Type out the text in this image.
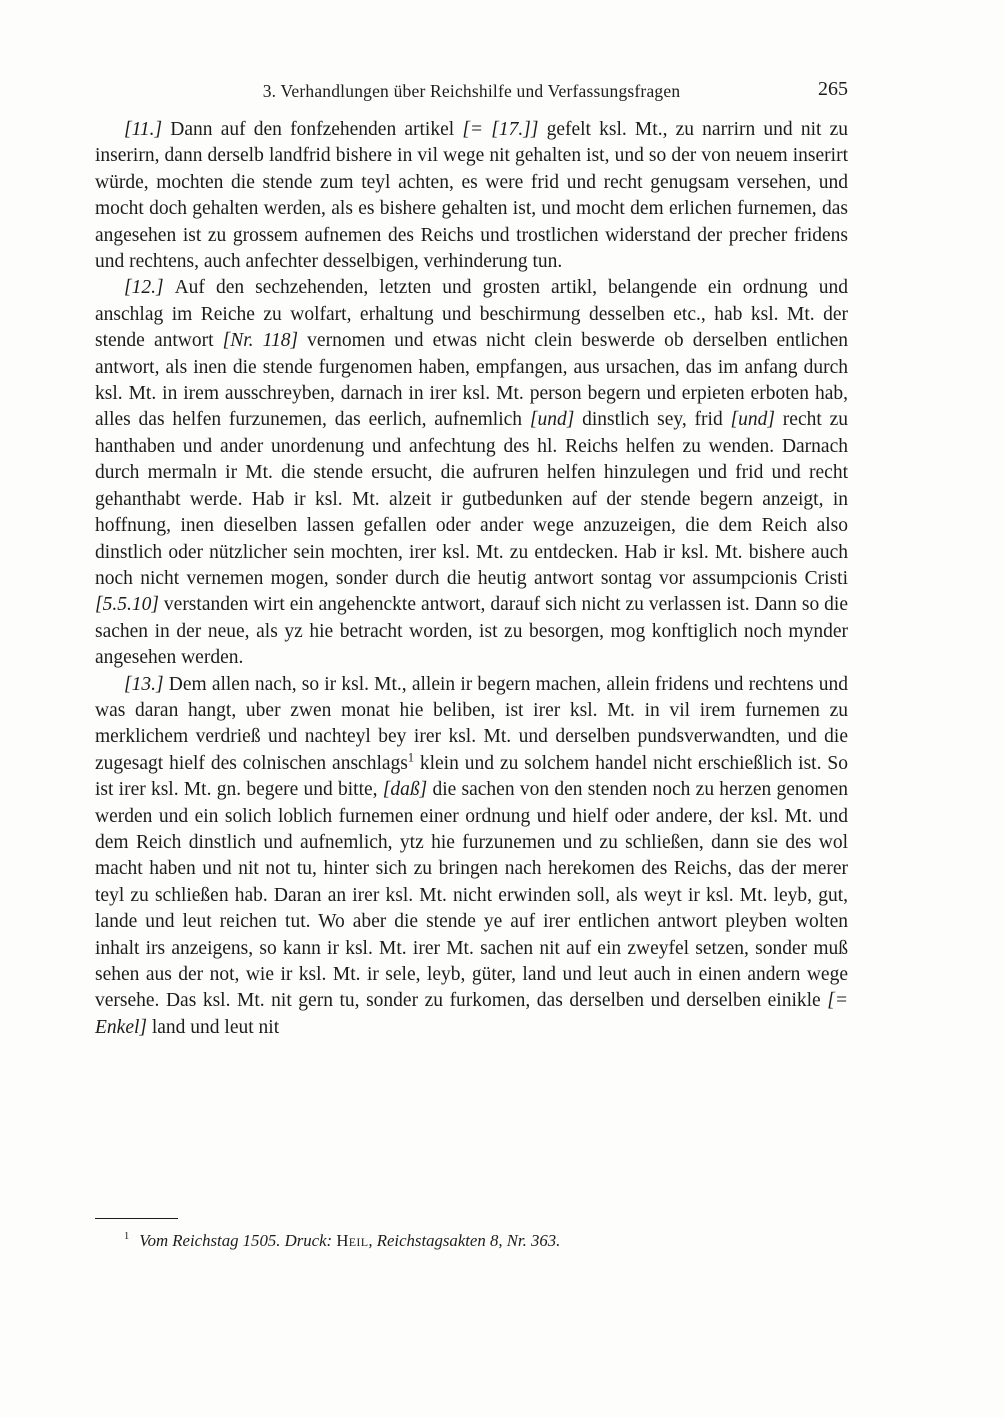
3. Verhandlungen über Reichshilfe und Verfassungsfragen	265

[11.] Dann auf den fonfzehenden artikel [= [17.]] gefelt ksl. Mt., zu narrirn und nit zu inserirn, dann derselb landfrid bishere in vil wege nit gehalten ist, und so der von neuem inserirt würde, mochten die stende zum teyl achten, es were frid und recht genugsam versehen, und mocht doch gehalten werden, als es bishere gehalten ist, und mocht dem erlichen furnemen, das angesehen ist zu grossem aufnemen des Reichs und trostlichen widerstand der precher fridens und rechtens, auch anfechter desselbigen, verhinderung tun.

[12.] Auf den sechzehenden, letzten und grosten artikl, belangende ein ordnung und anschlag im Reiche zu wolfart, erhaltung und beschirmung desselben etc., hab ksl. Mt. der stende antwort [Nr. 118] vernomen und etwas nicht clein beswerde ob derselben entlichen antwort, als inen die stende furgenomen haben, empfangen, aus ursachen, das im anfang durch ksl. Mt. in irem ausschreyben, darnach in irer ksl. Mt. person begern und erpieten erboten hab, alles das helfen furzunemen, das eerlich, aufnemlich [und] dinstlich sey, frid [und] recht zu hanthaben und ander unordenung und anfechtung des hl. Reichs helfen zu wenden. Darnach durch mermaln ir Mt. die stende ersucht, die aufruren helfen hinzulegen und frid und recht gehanthabt werde. Hab ir ksl. Mt. alzeit ir gutbedunken auf der stende begern anzeigt, in hoffnung, inen dieselben lassen gefallen oder ander wege anzuzeigen, die dem Reich also dinstlich oder nützlicher sein mochten, irer ksl. Mt. zu entdecken. Hab ir ksl. Mt. bishere auch noch nicht vernemen mogen, sonder durch die heutig antwort sontag vor assumpcionis Cristi [5.5.10] verstanden wirt ein angehenckte antwort, darauf sich nicht zu verlassen ist. Dann so die sachen in der neue, als yz hie betracht worden, ist zu besorgen, mog konftiglich noch mynder angesehen werden.

[13.] Dem allen nach, so ir ksl. Mt., allein ir begern machen, allein fridens und rechtens und was daran hangt, uber zwen monat hie beliben, ist irer ksl. Mt. in vil irem furnemen zu merklichem verdrieß und nachteyl bey irer ksl. Mt. und derselben pundsverwandten, und die zugesagt hielf des colnischen anschlags$^1$ klein und zu solchem handel nicht erschießlich ist. So ist irer ksl. Mt. gn. begere und bitte, [daß] die sachen von den stenden noch zu herzen genomen werden und ein solich loblich furnemen einer ordnung und hielf oder andere, der ksl. Mt. und dem Reich dinstlich und aufnemlich, ytz hie furzunemen und zu schließen, dann sie des wol macht haben und nit not tu, hinter sich zu bringen nach herekomen des Reichs, das der merer teyl zu schließen hab. Daran an irer ksl. Mt. nicht erwinden soll, als weyt ir ksl. Mt. leyb, gut, lande und leut reichen tut. Wo aber die stende ye auf irer entlichen antwort pleyben wolten inhalt irs anzeigens, so kann ir ksl. Mt. irer Mt. sachen nit auf ein zweyfel setzen, sonder muß sehen aus der not, wie ir ksl. Mt. ir sele, leyb, güter, land und leut auch in einen andern wege versehe. Das ksl. Mt. nit gern tu, sonder zu furkomen, das derselben und derselben einikle [= Enkel] land und leut nit

$^1$ Vom Reichstag 1505. Druck: Heil, Reichstagsakten 8, Nr. 363.
